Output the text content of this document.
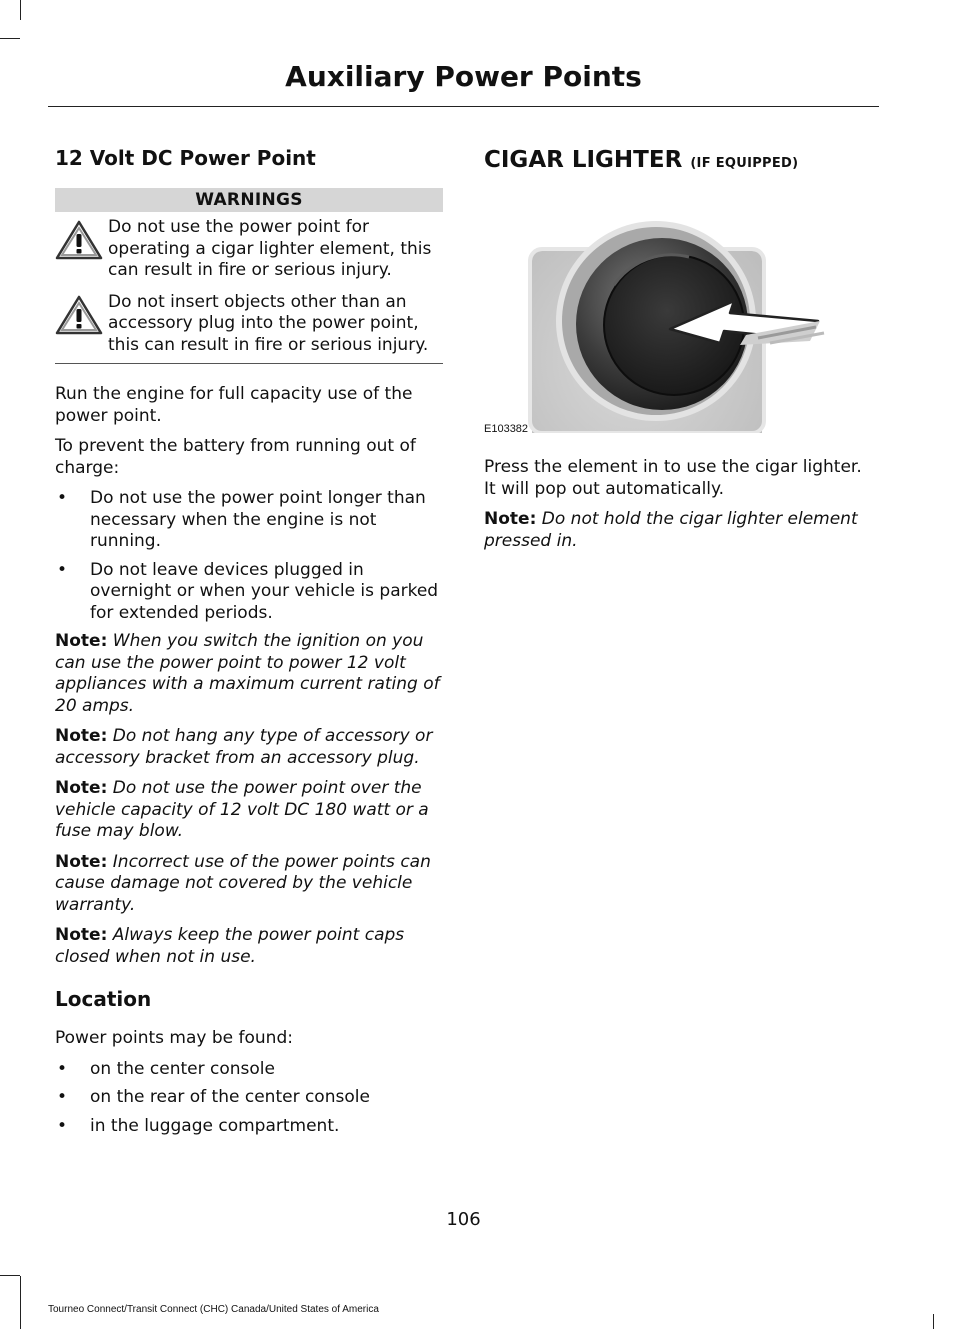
Auxiliary Power Points
12 Volt DC Power Point
WARNINGS
Do not use the power point for operating a cigar lighter element, this can result in fire or serious injury.
Do not insert objects other than an accessory plug into the power point, this can result in fire or serious injury.

Run the engine for full capacity use of the power point.

To prevent the battery from running out of charge:

•	Do not use the power point longer than necessary when the engine is not running.
•	Do not leave devices plugged in overnight or when your vehicle is parked for extended periods.

Note: When you switch the ignition on you can use the power point to power 12 volt appliances with a maximum current rating of 20 amps.

Note: Do not hang any type of accessory or accessory bracket from an accessory plug.

Note: Do not use the power point over the vehicle capacity of 12 volt DC 180 watt or a fuse may blow.

Note: Incorrect use of the power points can cause damage not covered by the vehicle warranty.

Note: Always keep the power point caps closed when not in use.

Location

Power points may be found:

•	on the center console
•	on the rear of the center console
•	in the luggage compartment.
CIGAR LIGHTER (IF EQUIPPED)
E103382

Press the element in to use the cigar lighter. It will pop out automatically.

Note: Do not hold the cigar lighter element pressed in.

106
Tourneo Connect/Transit Connect (CHC) Canada/United States of America
